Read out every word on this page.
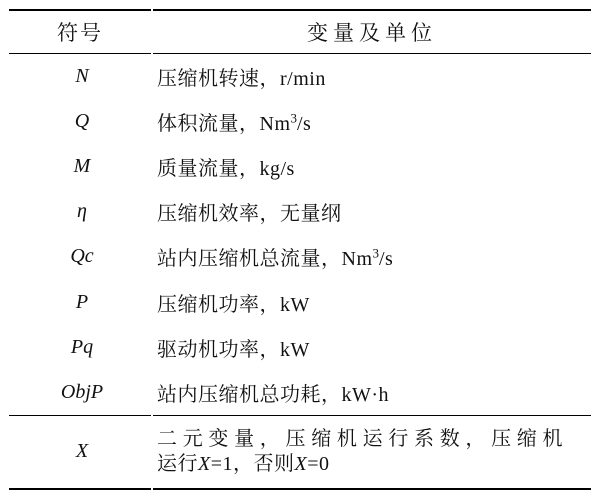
符号	变量及单位
N	压缩机转速，r/min
Q	体积流量，Nm$^3$/s
M	质量流量，kg/s
η	压缩机效率，无量纲
Qc	站内压缩机总流量，Nm$^3$/s
P	压缩机功率，kW
Pq	驱动机功率，kW
ObjP	站内压缩机总功耗，kW·h
X	二元变量，压缩机运行系数，压缩机
运行X=1，否则X=0
